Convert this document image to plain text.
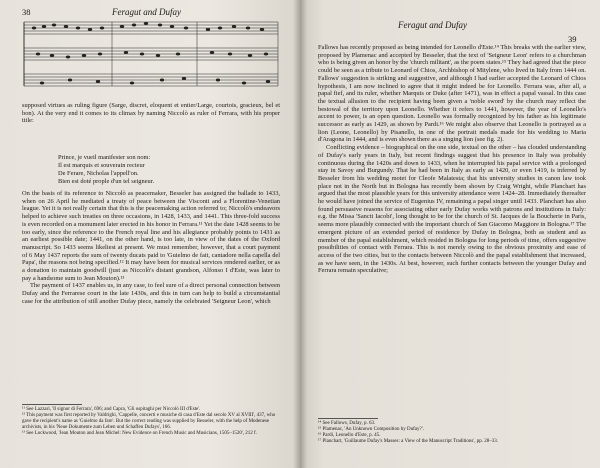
38	Feragut and Dufay

supposed virtues as ruling figure (Sarge, discret, eloquent et entier/Large, courtois, gracieux, bel et bon). At the very end it comes to its climax by naming Niccolò as ruler of Ferrara, with his proper title:

Prince, je vueil manifester son nom:
Il est marquis et souverain recteur
De Ferare, Nicholas l'appell'on.
Bien est doté prople d'un tel seigneur.

On the basis of its reference to Niccolò as peacemaker, Besseler has assigned the ballade to 1433, when on 26 April he mediated a treaty of peace between the Visconti and a Florentine-Venetian league. Yet it is not really certain that this is the peacemaking action referred to; Niccolò's endeavors helped to achieve such treaties on three occasions, in 1428, 1433, and 1441. This three-fold success is even recorded on a monument later erected in his honor in Ferrara.¹¹ Yet the date 1428 seems to be too early, since the reference to the French royal line and his allegiance probably points to 1431 as an earliest possible date; 1441, on the other hand, is too late, in view of the dates of the Oxford manuscript. So 1433 seems likeliest at present. We must remember, however, that a court payment of 6 May 1437 reports the sum of twenty ducats paid to 'Guielmo de fait, cantadore nella capella del Papa', the reasons not being specified.¹² It may have been for musical services rendered earlier, or as a donation to maintain goodwill (just as Niccolò's distant grandson, Alfonso I d'Este, was later to pay a handsome sum to Jean Mouton).¹³

The payment of 1437 enables us, in any case, to feel sure of a direct personal connection between Dufay and the Ferrarese court in the late 1430s, and this in turn can help to build a circumstantial case for the attribution of still another Dufay piece, namely the celebrated 'Seigneur Leon', which

¹¹ See Lazzari, 'Il signor di Ferrara', 696; and Capra, 'Gli ospitaghi per Niccolò III d'Este'.
¹² This payment was first reported by Valdrighi, 'Cappelle, concerti e musiche di casa d'Este dal secolo XV al XVIII', 437, who gave the recipient's name as 'Guielmo da fare'. But the correct reading was supplied by Besseler, with the help of Modenese archivists, in his 'Neue Dokumente zum Leben und Schaffen Dufays', 166.
¹³ See Lockwood, 'Jean Mouton and Jean Michel: New Evidence on French Music and Musicians, 1505–1520', 212 f.
Feragut and Dufay
39

Fallows has recently proposed as being intended for Leonello d'Este.¹⁴ This breaks with the earlier view, proposed by Plamenac and accepted by Besseler, that the text of 'Seigneur Leon' refers to a churchman who is being given an honor by the 'church militant', as the poem states.¹⁵ They had agreed that the piece could be seen as a tribute to Leonard of Chios, Archbishop of Mitylene, who lived in Italy from 1444 on. Fallows' suggestion is striking and suggestive, and although I had earlier accepted the Leonard of Chios hypothesis, I am now inclined to agree that it might indeed be for Leonello. Ferrara was, after all, a papal fief, and its ruler, whether Marquis or Duke (after 1471), was in effect a papal vassal. In this case the textual allusion to the recipient having been given a 'noble sword' by the church may reflect the bestowal of the territory upon Leonello. Whether it refers to 1441, however, the year of Leonello's accent to power, is an open question. Leonello was formally recognized by his father as his legitimate successor as early as 1429, as shown by Pardi.¹⁶ We might also observe that Leonello is portrayed as a lion (Leone, Leonello) by Pisanello, in one of the portrait medals made for his wedding to Maria d'Aragona in 1444, and is even shown there as a singing lion (see fig. 2).

Conflicting evidence – biographical on the one side, textual on the other – has clouded understanding of Dufay's early years in Italy, but recent findings suggest that his presence in Italy was probably continuous during the 1420s and down to 1433, when he interrupted his papal service with a prolonged stay in Savoy and Burgundy. That he had been in Italy as early as 1420, or even 1419, is inferred by Besseler from his wedding motet for Cleofe Malatesta; that his university studies in canon law took place not in the North but in Bologna has recently been shown by Craig Wright, while Planchart has argued that the most plausible years for this university attendance were 1424–28. Immediately thereafter he would have joined the service of Eugenius IV, remaining a papal singer until 1433. Planchart has also found persuasive reasons for associating other early Dufay works with patrons and institutions in Italy: e.g. the Missa 'Sancti Iacobi', long thought to be for the church of St. Jacques de la Boucherie in Paris, seems more plausibly connected with the important church of San Giacomo Maggiore in Bologna.¹⁷ The emergent picture of an extended period of residence by Dufay in Bologna, both as student and as member of the papal establishment, which resided in Bologna for long periods of time, offers suggestive possibilities of contact with Ferrara. This is not merely owing to the obvious proximity and ease of access of the two cities, but to the contacts between Niccolò and the papal establishment that increased, as we have seen, in the 1430s. At best, however, such further contacts between the younger Dufay and Ferrara remain speculative;

¹⁴ See Fallows, Dufay, p. 63.
¹⁵ Plamenac, 'An Unknown Composition by Dufay?'.
¹⁶ Pardi, Leonello d'Este, p. 45.
¹⁷ Planchart, 'Guillaume Dufay's Masses: a View of the Manuscript Traditions', pp. 28–33.
